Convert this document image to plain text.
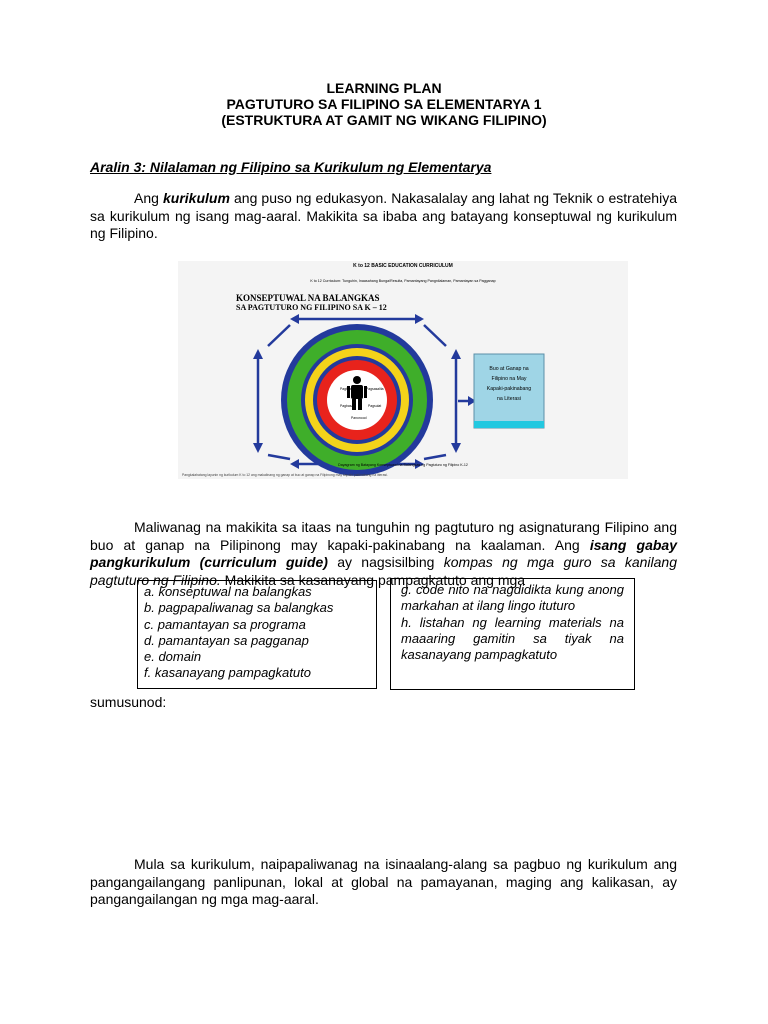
LEARNING PLAN
PAGTUTURO SA FILIPINO SA ELEMENTARYA 1
(ESTRUKTURA AT GAMIT NG WIKANG FILIPINO)
Aralin 3: Nilalaman ng Filipino sa Kurikulum ng Elementarya
Ang kurikulum ang puso ng edukasyon. Nakasalalay ang lahat ng Teknik o estratehiya sa kurikulum ng isang mag-aaral. Makikita sa ibaba ang batayang konseptuwal ng kurikulum ng Filipino.
K to 12 BASIC EDUCATION CURRICULUM
K to 12 Curriculum: Tunguhin, Inaasahang Bunga/Resulta, Pamantayang Pangnilalaman, Pamantayan sa Pagganap
KONSEPTUWAL NA BALANGKAS
SA PAGTUTURO NG FILIPINO SA K – 12
Pagtatamo
Pagbasa
Pagsasalita
Pagsulat
Panonood
Buo at Ganap na
Filipino na May
Kapaki-pakinabang
na Literasi
Dayagram ng Batayang Konseptuwal na Balangkas ng Pagtuturo ng Filipino K-12
Pangkalahatang layunin ng kurikulum K to 12 ang makalinang ng ganap at buo at ganap na Filipinong may kapaki-pakinabang na literasi.
Maliwanag na makikita sa itaas na tunguhin ng pagtuturo ng asignaturang Filipino ang buo at ganap na Pilipinong may kapaki-pakinabang na kaalaman. Ang isang gabay pangkurikulum (curriculum guide) ay nagsisilbing kompas ng mga guro sa kanilang pagtuturo ng Filipino. Makikita sa kasanayang pampagkatuto ang mga
a. konseptuwal na balangkas
b. pagpapaliwanag sa balangkas
c. pamantayan sa programa
d. pamantayan sa pagganap
e. domain
f. kasanayang pampagkatuto
g. code nito na nagdidikta kung anong markahan at ilang lingo ituturo
h. listahan ng learning materials na maaaring gamitin sa tiyak na kasanayang pampagkatuto
sumusunod:
Mula sa kurikulum, naipapaliwanag na isinaalang-alang sa pagbuo ng kurikulum ang pangangailangang panlipunan, lokal at global na pamayanan, maging ang kalikasan, ay pangangailangan ng mga mag-aaral.
